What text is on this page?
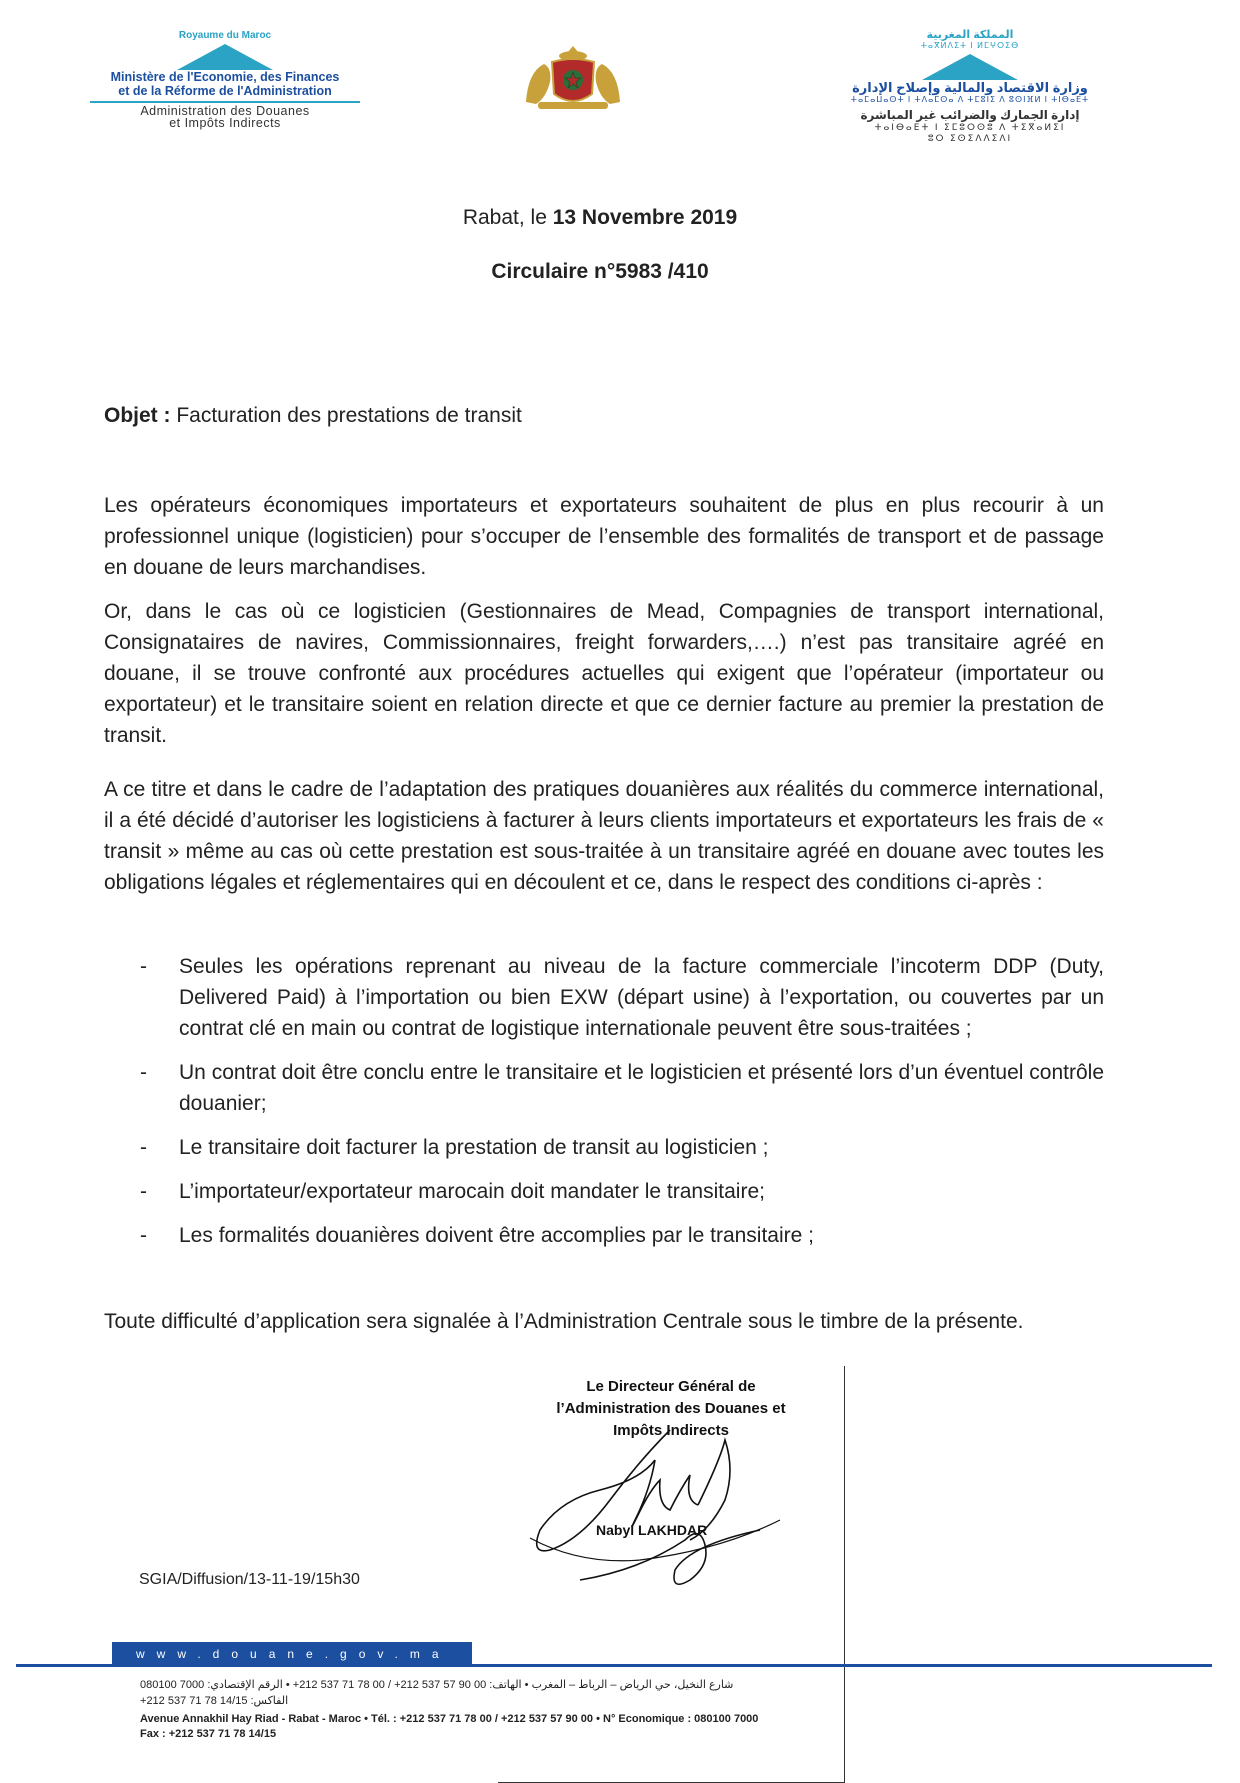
Royaume du Maroc
Ministère de l'Economie, des Finances
et de la Réforme de l'Administration
Administration des Douanes
et Impôts Indirects
المملكة المغربية
ⵜⴰⴳⵍⴷⵉⵜ ⵏ ⵍⵎⵖⵔⵉⴱ
وزارة الاقتصاد والمالية وإصلاح الإدارة
ⵜⴰⵎⴰⵡⴰⵙⵜ ⵏ ⵜⴷⴰⵎⵙⴰ ⴷ ⵜⵎⵓⵏⵉ ⴷ ⵓⵙⵏⴼⵍ ⵏ ⵜⵏⴱⴰⴹⵜ
إدارة الجمارك والضرائب غير المباشرة
ⵜⴰⵏⴱⴰⴹⵜ ⵏ ⵉⵎⵓⵔⵙⵓ ⴷ ⵜⵉⴳⴰⵍⵉⵏ
ⵓⵔ ⵉⵙⵉⴷⴷⵉⴷⵏ
Rabat, le 13 Novembre 2019
Circulaire n°5983 /410
Objet : Facturation des prestations de transit
Les opérateurs économiques importateurs et exportateurs souhaitent de plus en plus recourir à un professionnel unique (logisticien) pour s’occuper de l’ensemble des formalités de transport et de passage en douane de leurs marchandises.
Or, dans le cas où ce logisticien (Gestionnaires de Mead, Compagnies de transport international, Consignataires de navires, Commissionnaires, freight forwarders,….) n’est pas transitaire agréé en douane, il se trouve confronté aux procédures actuelles qui exigent que l’opérateur (importateur ou exportateur) et le transitaire soient en relation directe et que ce dernier facture au premier la prestation de transit.
A ce titre et dans le cadre de l’adaptation des pratiques douanières aux réalités du commerce international, il a été décidé d’autoriser les logisticiens à facturer à leurs clients importateurs et exportateurs les frais de « transit » même au cas où cette prestation est sous-traitée à un transitaire agréé en douane avec toutes les obligations légales et réglementaires qui en découlent et ce, dans le respect des conditions ci-après :
- Seules les opérations reprenant au niveau de la facture commerciale l’incoterm DDP (Duty, Delivered Paid) à l’importation ou bien EXW (départ usine) à l’exportation, ou couvertes par un contrat clé en main ou contrat de logistique internationale peuvent être sous-traitées ;
- Un contrat doit être conclu entre le transitaire et le logisticien et présenté lors d’un éventuel contrôle douanier;
- Le transitaire doit facturer la prestation de transit au logisticien ;
- L’importateur/exportateur marocain doit mandater le transitaire;
- Les formalités douanières doivent être accomplies par le transitaire ;
Toute difficulté d’application sera signalée à l’Administration Centrale sous le timbre de la présente.
Le Directeur Général de
l’Administration des Douanes et
Impôts Indirects
Nabyl LAKHDAR
SGIA/Diffusion/13-11-19/15h30
www.douane.gov.ma
شارع النخيل، حي الرياض – الرباط – المغرب • الهاتف: 00 90 57 537 212+ / 00 78 71 537 212+ • الرقم الإقتصادي: 7000 080100
الفاكس: 14/15 78 71 537 212+
Avenue Annakhil Hay Riad - Rabat - Maroc • Tél. : +212 537 71 78 00 / +212 537 57 90 00 • N° Economique : 080100 7000
Fax : +212 537 71 78 14/15
